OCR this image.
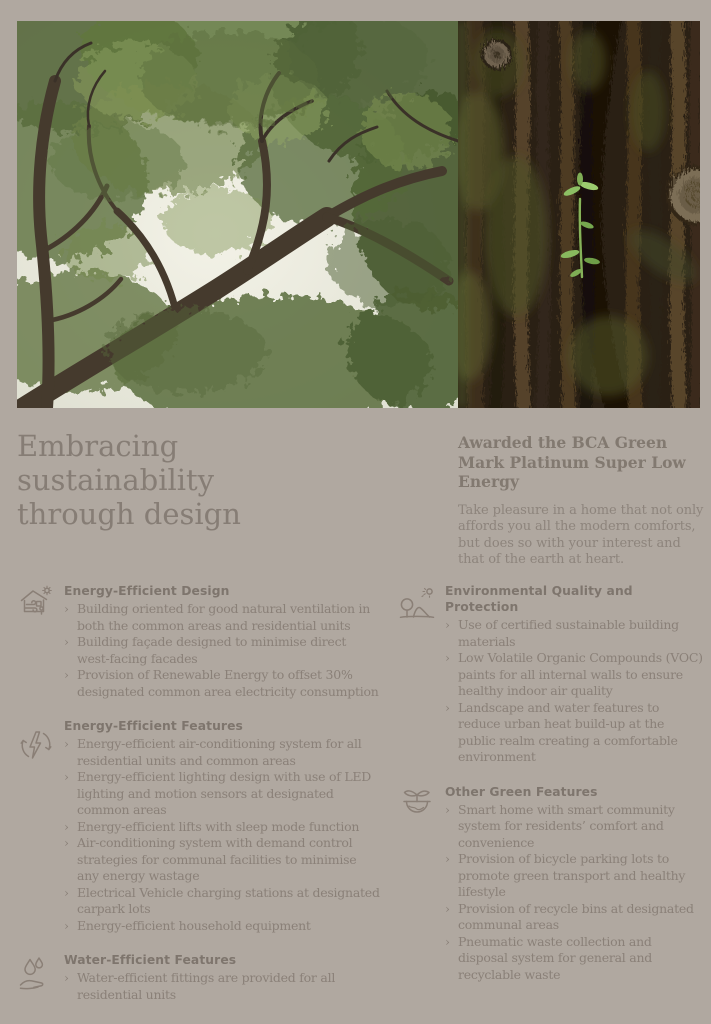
Embracing
sustainability
through design
Awarded the BCA Green Mark Platinum Super Low Energy
Take pleasure in a home that not only affords you all the modern comforts, but does so with your interest and that of the earth at heart.
Energy-Efficient Design
› Building oriented for good natural ventilation in both the common areas and residential units
› Building façade designed to minimise direct west-facing facades
› Provision of Renewable Energy to offset 30% designated common area electricity consumption
Energy-Efficient Features
› Energy-efficient air-conditioning system for all residential units and common areas
› Energy-efficient lighting design with use of LED lighting and motion sensors at designated common areas
› Energy-efficient lifts with sleep mode function
› Air-conditioning system with demand control strategies for communal facilities to minimise any energy wastage
› Electrical Vehicle charging stations at designated carpark lots
› Energy-efficient household equipment
Water-Efficient Features
› Water-efficient fittings are provided for all residential units
Environmental Quality and Protection
› Use of certified sustainable building materials
› Low Volatile Organic Compounds (VOC) paints for all internal walls to ensure healthy indoor air quality
› Landscape and water features to reduce urban heat build-up at the public realm creating a comfortable environment
Other Green Features
› Smart home with smart community system for residents’ comfort and convenience
› Provision of bicycle parking lots to promote green transport and healthy lifestyle
› Provision of recycle bins at designated communal areas
› Pneumatic waste collection and disposal system for general and recyclable waste
